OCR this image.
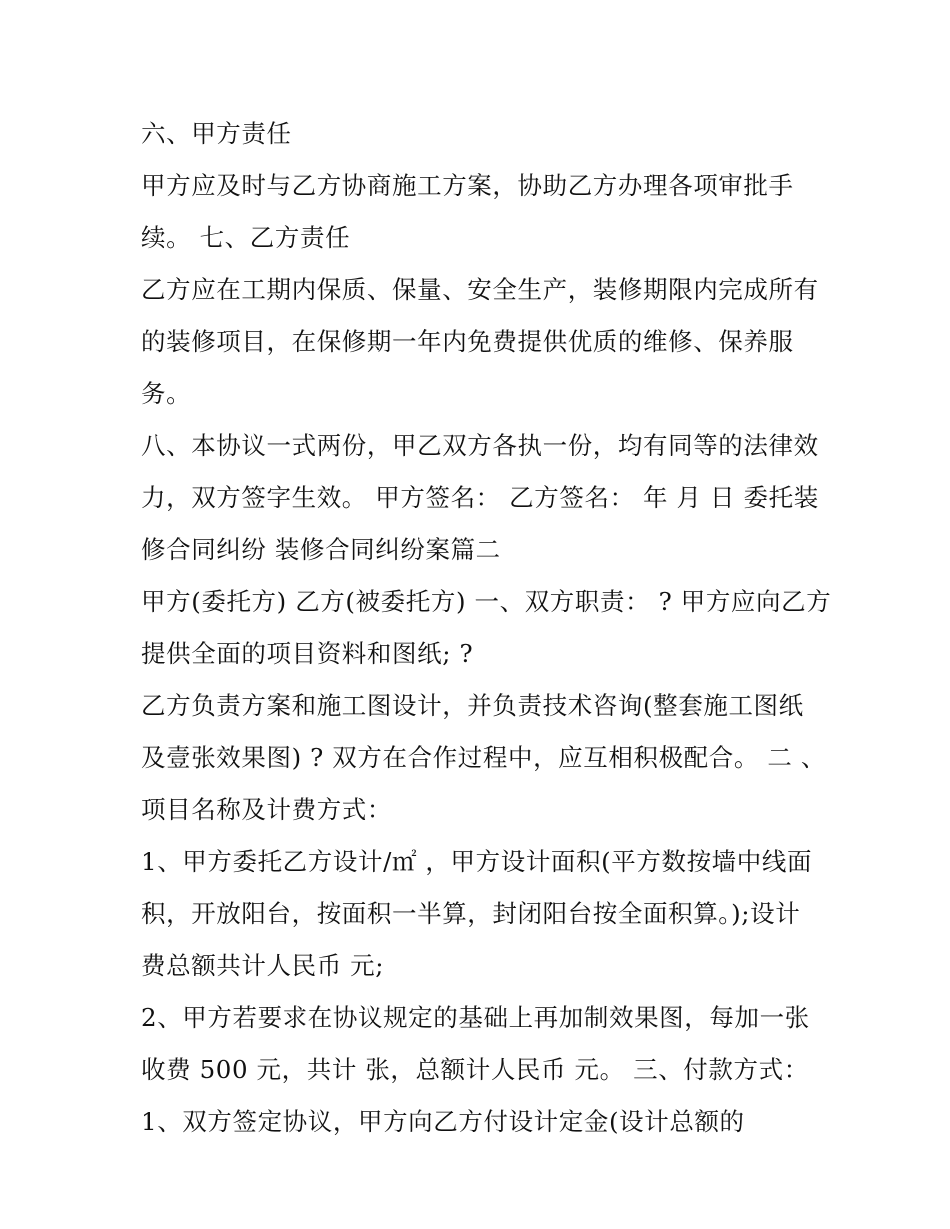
六、甲方责任
甲方应及时与乙方协商施工方案，协助乙方办理各项审批手
续。 七、乙方责任
乙方应在工期内保质、保量、安全生产，装修期限内完成所有
的装修项目，在保修期一年内免费提供优质的维修、保养服
务。
八、本协议一式两份，甲乙双方各执一份，均有同等的法律效
力，双方签字生效。 甲方签名： 乙方签名： 年 月 日 委托装
修合同纠纷 装修合同纠纷案篇二
甲方(委托方) 乙方(被委托方) 一、双方职责： ? 甲方应向乙方
提供全面的项目资料和图纸; ?
乙方负责方案和施工图设计，并负责技术咨询(整套施工图纸
及壹张效果图) ? 双方在合作过程中，应互相积极配合。 二 、
项目名称及计费方式：
1、甲方委托乙方设计/㎡ ，甲方设计面积(平方数按墙中线面
积，开放阳台，按面积一半算，封闭阳台按全面积算。);设计
费总额共计人民币 元;
2、甲方若要求在协议规定的基础上再加制效果图，每加一张
收费 500 元，共计 张，总额计人民币 元。 三、付款方式：
1、双方签定协议，甲方向乙方付设计定金(设计总额的
